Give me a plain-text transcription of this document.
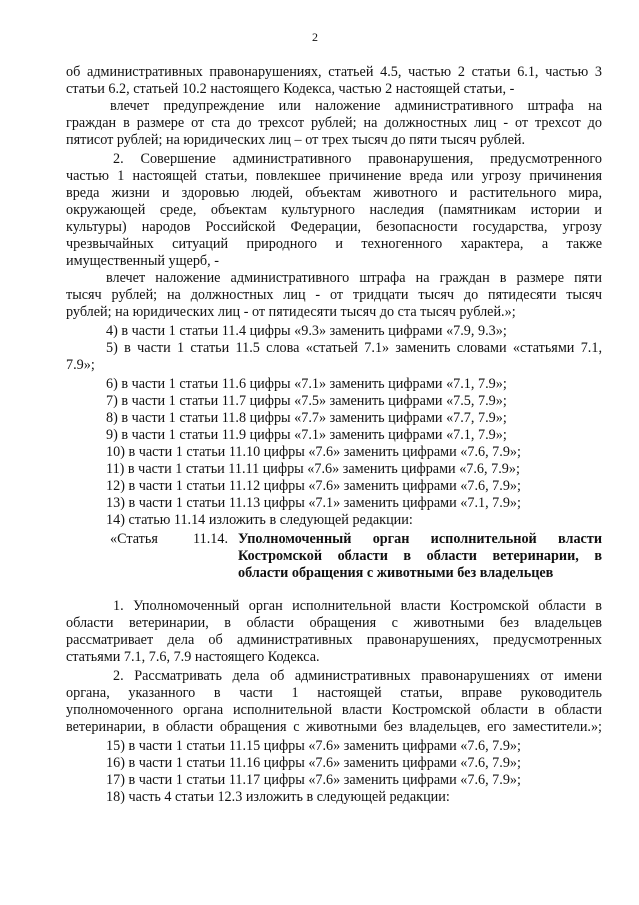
2
об административных правонарушениях, статьей 4.5, частью 2 статьи 6.1, частью 3
статьи 6.2, статьей 10.2 настоящего Кодекса, частью 2 настоящей статьи, -
влечет предупреждение или наложение административного штрафа на
граждан в размере от ста до трехсот рублей; на должностных лиц - от трехсот до
пятисот рублей; на юридических лиц – от трех тысяч до пяти тысяч рублей.
2. Совершение административного правонарушения, предусмотренного
частью 1 настоящей статьи, повлекшее причинение вреда или угрозу причинения
вреда жизни и здоровью людей, объектам животного и растительного мира,
окружающей среде, объектам культурного наследия (памятникам истории и
культуры) народов Российской Федерации, безопасности государства, угрозу
чрезвычайных ситуаций природного и техногенного характера, а также
имущественный ущерб, -
влечет наложение административного штрафа на граждан в размере пяти
тысяч рублей; на должностных лиц - от тридцати тысяч до пятидесяти тысяч
рублей; на юридических лиц - от пятидесяти тысяч до ста тысяч рублей.»;
4) в части 1 статьи 11.4 цифры «9.3» заменить цифрами «7.9, 9.3»;
5) в части 1 статьи 11.5 слова «статьей 7.1» заменить словами «статьями 7.1,
7.9»;
6) в части 1 статьи 11.6 цифры «7.1» заменить цифрами «7.1, 7.9»;
7) в части 1 статьи 11.7 цифры «7.5» заменить цифрами «7.5, 7.9»;
8) в части 1 статьи 11.8 цифры «7.7» заменить цифрами «7.7, 7.9»;
9) в части 1 статьи 11.9 цифры «7.1» заменить цифрами «7.1, 7.9»;
10) в части 1 статьи 11.10 цифры «7.6» заменить цифрами «7.6, 7.9»;
11) в части 1 статьи 11.11 цифры «7.6» заменить цифрами «7.6, 7.9»;
12) в части 1 статьи 11.12 цифры «7.6» заменить цифрами «7.6, 7.9»;
13) в части 1 статьи 11.13 цифры «7.1» заменить цифрами «7.1, 7.9»;
14) статью 11.14 изложить в следующей редакции:
«Статья 11.14. Уполномоченный орган исполнительной власти
Костромской области в области ветеринарии, в
области обращения с животными без владельцев
1. Уполномоченный орган исполнительной власти Костромской области в
области ветеринарии, в области обращения с животными без владельцев
рассматривает дела об административных правонарушениях, предусмотренных
статьями 7.1, 7.6, 7.9 настоящего Кодекса.
2. Рассматривать дела об административных правонарушениях от имени
органа, указанного в части 1 настоящей статьи, вправе руководитель
уполномоченного органа исполнительной власти Костромской области в области
ветеринарии, в области обращения с животными без владельцев, его заместители.»;
15) в части 1 статьи 11.15 цифры «7.6» заменить цифрами «7.6, 7.9»;
16) в части 1 статьи 11.16 цифры «7.6» заменить цифрами «7.6, 7.9»;
17) в части 1 статьи 11.17 цифры «7.6» заменить цифрами «7.6, 7.9»;
18) часть 4 статьи 12.3 изложить в следующей редакции:
